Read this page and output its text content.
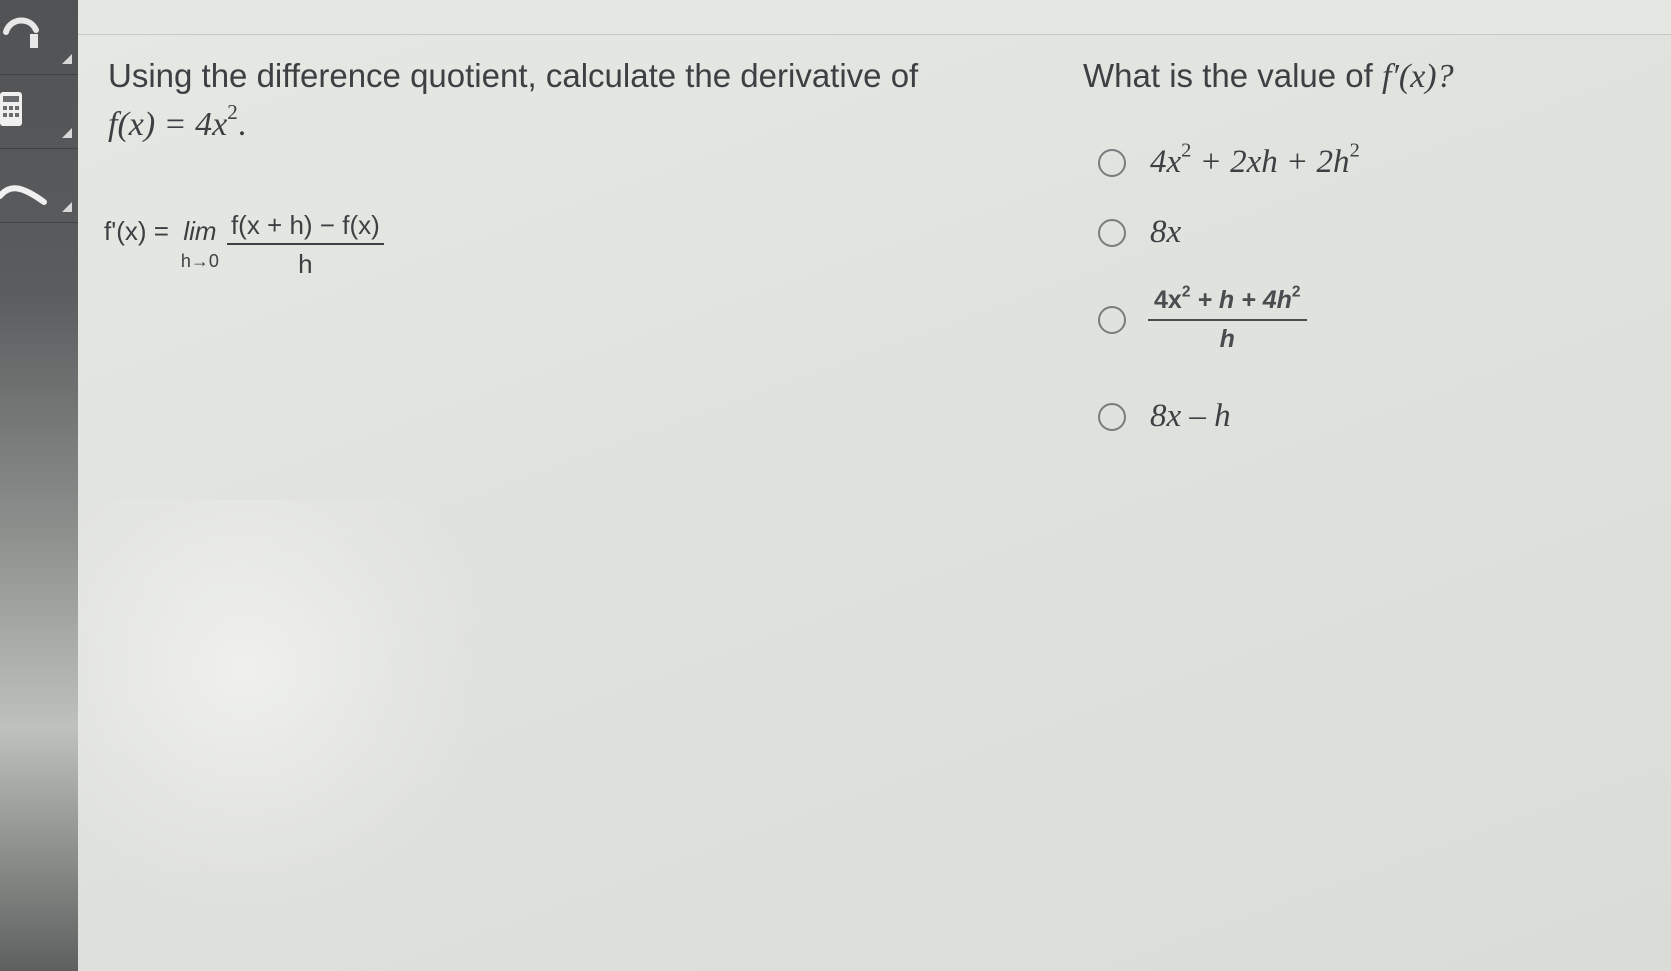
Using the difference quotient, calculate the derivative of
$f(x) = 4x^2$.

f'(x) = lim
$h\to 0 \frac{f(x + h) - f(x)}{h}$

What is the value of f′(x)?

$4x^2 + 2xh + 2h^2$
8x
$\frac{4x^2 + h + 4h^2}{h}$
8x – h
